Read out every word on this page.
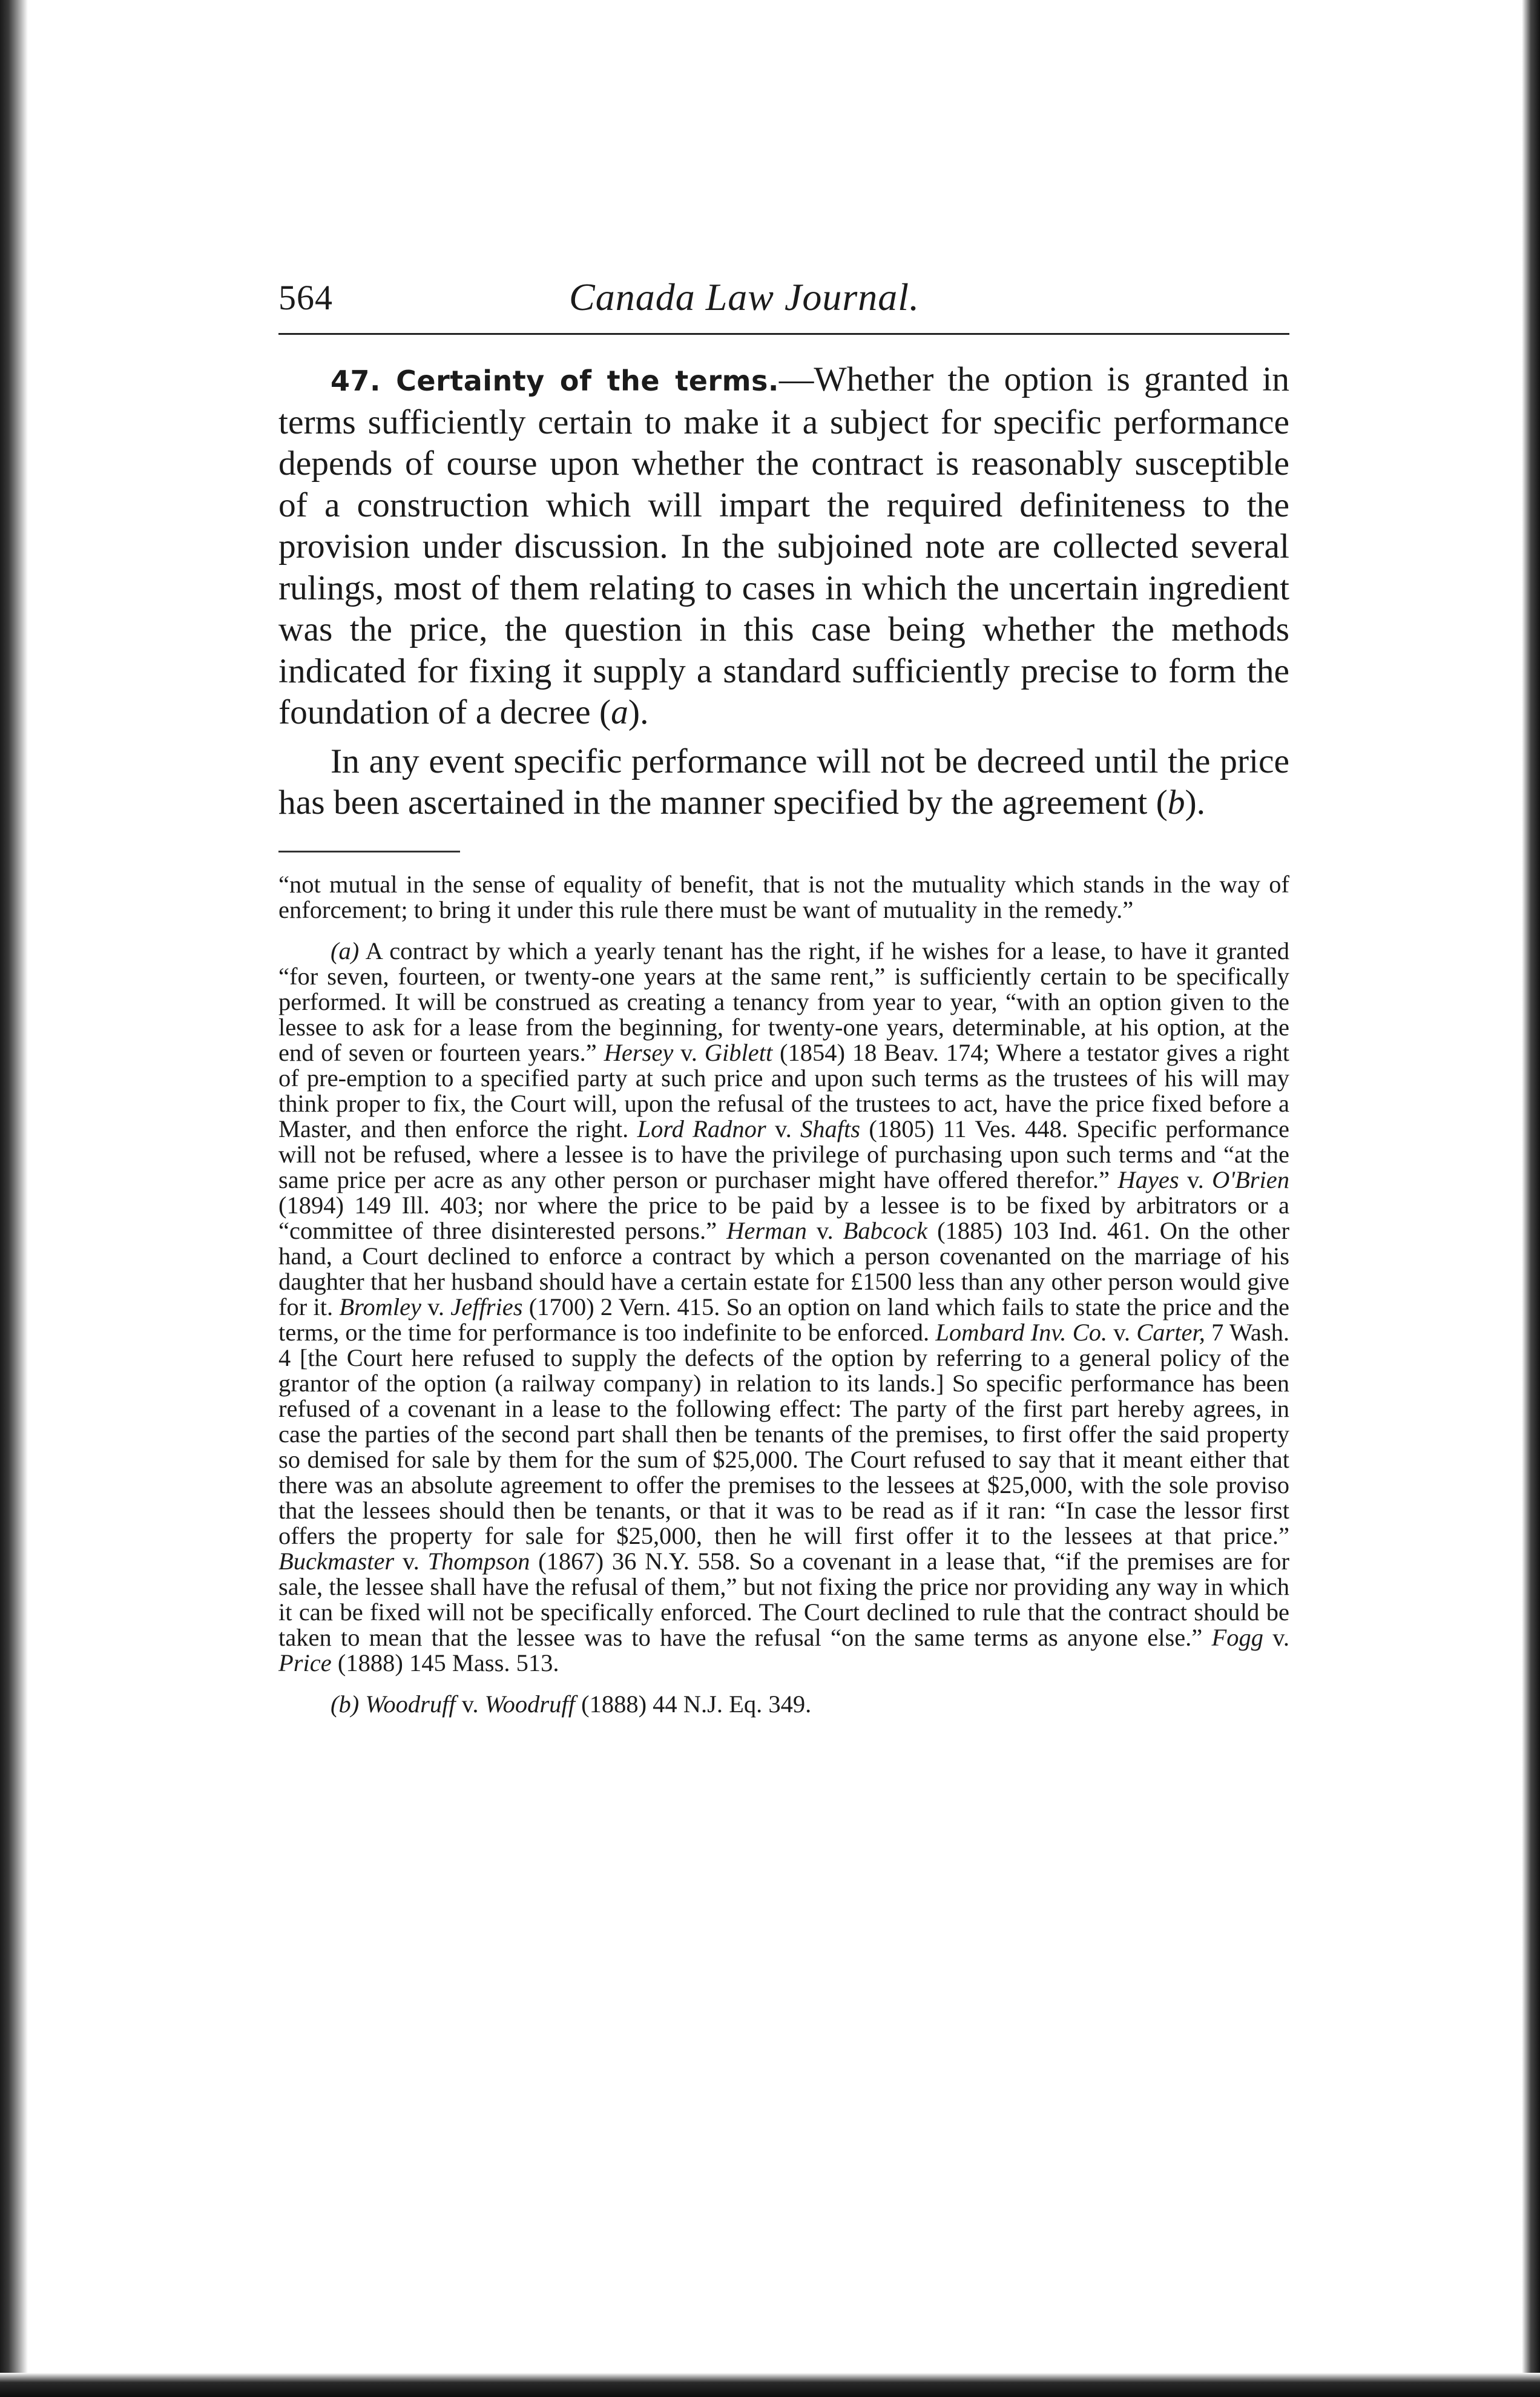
564	Canada Law Journal.

47. Certainty of the terms.—Whether the option is granted in terms sufficiently certain to make it a subject for specific performance depends of course upon whether the contract is reasonably susceptible of a construction which will impart the required definiteness to the provision under discussion. In the subjoined note are collected several rulings, most of them relating to cases in which the uncertain ingredient was the price, the question in this case being whether the methods indicated for fixing it supply a standard sufficiently precise to form the foundation of a decree (a).

In any event specific performance will not be decreed until the price has been ascertained in the manner specified by the agreement (b).

“not mutual in the sense of equality of benefit, that is not the mutuality which stands in the way of enforcement; to bring it under this rule there must be want of mutuality in the remedy.”

(a) A contract by which a yearly tenant has the right, if he wishes for a lease, to have it granted “for seven, fourteen, or twenty-one years at the same rent,” is sufficiently certain to be specifically performed. It will be construed as creating a tenancy from year to year, “with an option given to the lessee to ask for a lease from the beginning, for twenty-one years, determinable, at his option, at the end of seven or fourteen years.” Hersey v. Giblett (1854) 18 Beav. 174; Where a testator gives a right of pre-emption to a specified party at such price and upon such terms as the trustees of his will may think proper to fix, the Court will, upon the refusal of the trustees to act, have the price fixed before a Master, and then enforce the right. Lord Radnor v. Shafts (1805) 11 Ves. 448. Specific performance will not be refused, where a lessee is to have the privilege of purchasing upon such terms and “at the same price per acre as any other person or purchaser might have offered therefor.” Hayes v. O'Brien (1894) 149 Ill. 403; nor where the price to be paid by a lessee is to be fixed by arbitrators or a “committee of three disinterested persons.” Herman v. Babcock (1885) 103 Ind. 461. On the other hand, a Court declined to enforce a contract by which a person covenanted on the marriage of his daughter that her husband should have a certain estate for £1500 less than any other person would give for it. Bromley v. Jeffries (1700) 2 Vern. 415. So an option on land which fails to state the price and the terms, or the time for performance is too indefinite to be enforced. Lombard Inv. Co. v. Carter, 7 Wash. 4 [the Court here refused to supply the defects of the option by referring to a general policy of the grantor of the option (a railway company) in relation to its lands.] So specific performance has been refused of a covenant in a lease to the following effect: The party of the first part hereby agrees, in case the parties of the second part shall then be tenants of the premises, to first offer the said property so demised for sale by them for the sum of $25,000. The Court refused to say that it meant either that there was an absolute agreement to offer the premises to the lessees at $25,000, with the sole proviso that the lessees should then be tenants, or that it was to be read as if it ran: “In case the lessor first offers the property for sale for $25,000, then he will first offer it to the lessees at that price.” Buckmaster v. Thompson (1867) 36 N.Y. 558. So a covenant in a lease that, “if the premises are for sale, the lessee shall have the refusal of them,” but not fixing the price nor providing any way in which it can be fixed will not be specifically enforced. The Court declined to rule that the contract should be taken to mean that the lessee was to have the refusal “on the same terms as anyone else.” Fogg v. Price (1888) 145 Mass. 513.

(b) Woodruff v. Woodruff (1888) 44 N.J. Eq. 349.
